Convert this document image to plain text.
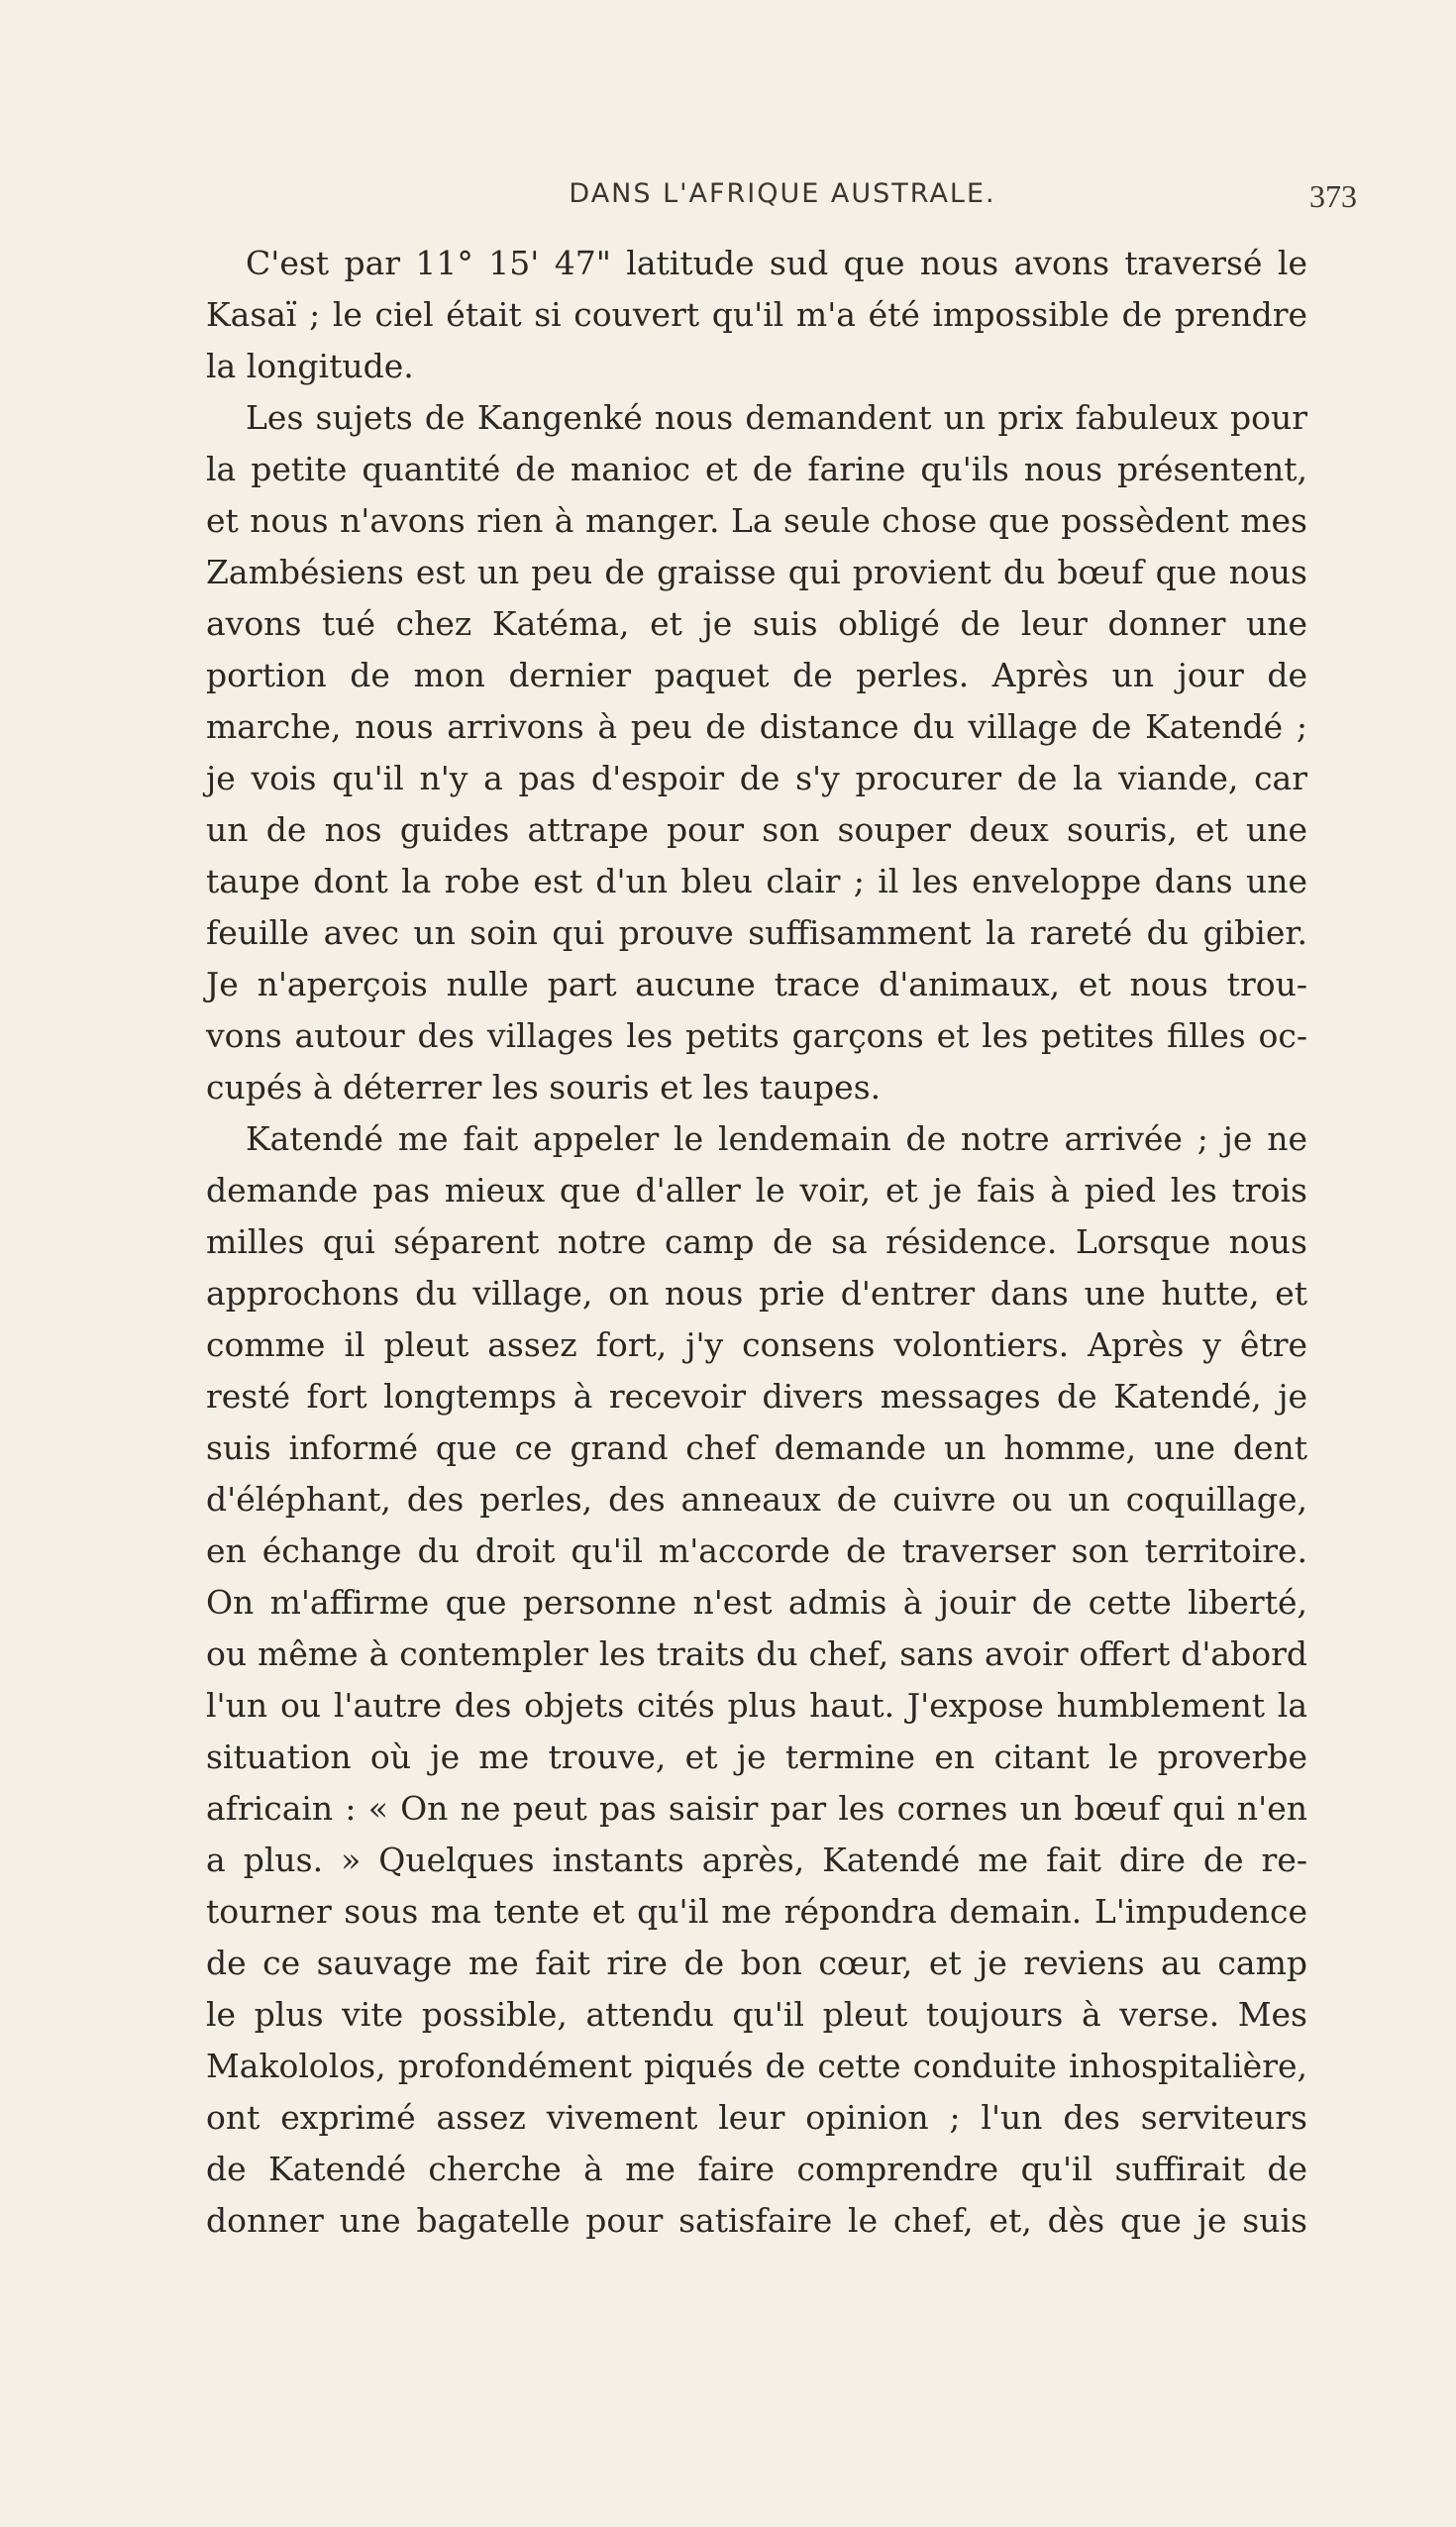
DANS L'AFRIQUE AUSTRALE.	373
C'est par 11° 15' 47" latitude sud que nous avons traversé le
Kasaï ; le ciel était si couvert qu'il m'a été impossible de prendre
la longitude.
Les sujets de Kangenké nous demandent un prix fabuleux pour
la petite quantité de manioc et de farine qu'ils nous présentent,
et nous n'avons rien à manger. La seule chose que possèdent mes
Zambésiens est un peu de graisse qui provient du bœuf que nous
avons tué chez Katéma, et je suis obligé de leur donner une
portion de mon dernier paquet de perles. Après un jour de
marche, nous arrivons à peu de distance du village de Katendé ;
je vois qu'il n'y a pas d'espoir de s'y procurer de la viande, car
un de nos guides attrape pour son souper deux souris, et une
taupe dont la robe est d'un bleu clair ; il les enveloppe dans une
feuille avec un soin qui prouve suffisamment la rareté du gibier.
Je n'aperçois nulle part aucune trace d'animaux, et nous trou-
vons autour des villages les petits garçons et les petites filles oc-
cupés à déterrer les souris et les taupes.
Katendé me fait appeler le lendemain de notre arrivée ; je ne
demande pas mieux que d'aller le voir, et je fais à pied les trois
milles qui séparent notre camp de sa résidence. Lorsque nous
approchons du village, on nous prie d'entrer dans une hutte, et
comme il pleut assez fort, j'y consens volontiers. Après y être
resté fort longtemps à recevoir divers messages de Katendé, je
suis informé que ce grand chef demande un homme, une dent
d'éléphant, des perles, des anneaux de cuivre ou un coquillage,
en échange du droit qu'il m'accorde de traverser son territoire.
On m'affirme que personne n'est admis à jouir de cette liberté,
ou même à contempler les traits du chef, sans avoir offert d'abord
l'un ou l'autre des objets cités plus haut. J'expose humblement la
situation où je me trouve, et je termine en citant le proverbe
africain : « On ne peut pas saisir par les cornes un bœuf qui n'en
a plus. » Quelques instants après, Katendé me fait dire de re-
tourner sous ma tente et qu'il me répondra demain. L'impudence
de ce sauvage me fait rire de bon cœur, et je reviens au camp
le plus vite possible, attendu qu'il pleut toujours à verse. Mes
Makololos, profondément piqués de cette conduite inhospitalière,
ont exprimé assez vivement leur opinion ; l'un des serviteurs
de Katendé cherche à me faire comprendre qu'il suffirait de
donner une bagatelle pour satisfaire le chef, et, dès que je suis
